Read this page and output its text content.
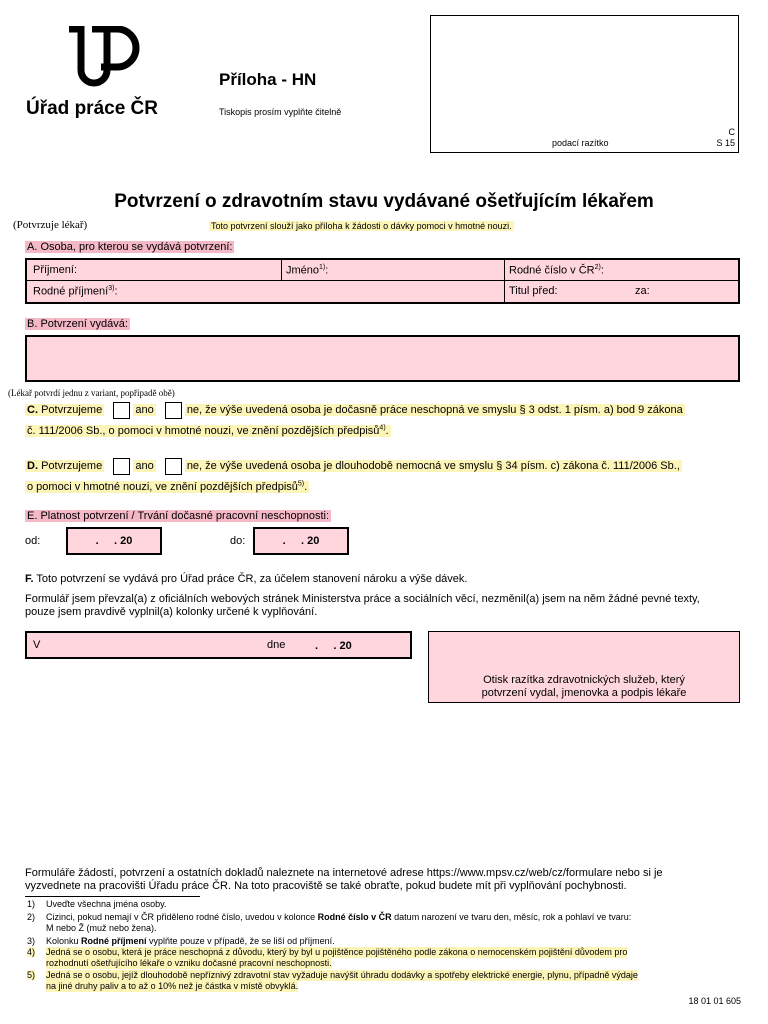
Úřad práce ČR
Příloha - HN
Tiskopis prosím vyplňte čitelně
podací razítko
C
S 15
Potvrzení o zdravotním stavu vydávané ošetřujícím lékařem
(Potvrzuje lékař)	Toto potvrzení slouží jako příloha k žádosti o dávky pomoci v hmotné nouzi.
A. Osoba, pro kterou se vydává potvrzení:
Příjmení:	Jméno$^{1)}$:	Rodné číslo v ČR$^{2)}$:
Rodné příjmení$^{3)}$:	Titul před:	za:
B. Potvrzení vydává:
(Lékař potvrdí jednu z variant, popřípadě obě)
C. Potvrzujeme	ano	ne, že výše uvedená osoba je dočasně práce neschopná ve smyslu § 3 odst. 1 písm. a) bod 9 zákona
č. 111/2006 Sb., o pomoci v hmotné nouzi, ve znění pozdějších předpisů$^{4)}$.
D. Potvrzujeme	ano	ne, že výše uvedená osoba je dlouhodobě nemocná ve smyslu § 34 písm. c) zákona č. 111/2006 Sb.,
o pomoci v hmotné nouzi, ve znění pozdějších předpisů$^{5)}$.
E. Platnost potvrzení / Trvání dočasné pracovní neschopnosti:
od:	.     . 20	do:	.     . 20
F. Toto potvrzení se vydává pro Úřad práce ČR, za účelem stanovení nároku a výše dávek.
Formulář jsem převzal(a) z oficiálních webových stránek Ministerstva práce a sociálních věcí, nezměnil(a) jsem na něm žádné pevné texty,
pouze jsem pravdivě vyplnil(a) kolonky určené k vyplňování.
V	dne	.     . 20
Otisk razítka zdravotnických služeb, který
potvrzení vydal, jmenovka a podpis lékaře
Formuláře žádostí, potvrzení a ostatních dokladů naleznete na internetové adrese https://www.mpsv.cz/web/cz/formulare nebo si je
vyzvednete na pracovišti Úřadu práce ČR. Na toto pracoviště se také obraťte, pokud budete mít při vyplňování pochybnosti.
1) Uveďte všechna jména osoby.
2) Cizinci, pokud nemají v ČR přiděleno rodné číslo, uvedou v kolonce Rodné číslo v ČR datum narození ve tvaru den, měsíc, rok a pohlaví ve tvaru:
M nebo Ž (muž nebo žena).
3) Kolonku Rodné příjmení vyplňte pouze v případě, že se liší od příjmení.
4) Jedná se o osobu, která je práce neschopná z důvodu, který by byl u pojištěnce pojištěného podle zákona o nemocenském pojištění důvodem pro
rozhodnutí ošetřujícího lékaře o vzniku dočasné pracovní neschopnosti.
5) Jedná se o osobu, jejíž dlouhodobě nepříznivý zdravotní stav vyžaduje navýšit úhradu dodávky a spotřeby elektrické energie, plynu, případně výdaje
na jiné druhy paliv a to až o 10% než je částka v místě obvyklá.
18 01 01 605
